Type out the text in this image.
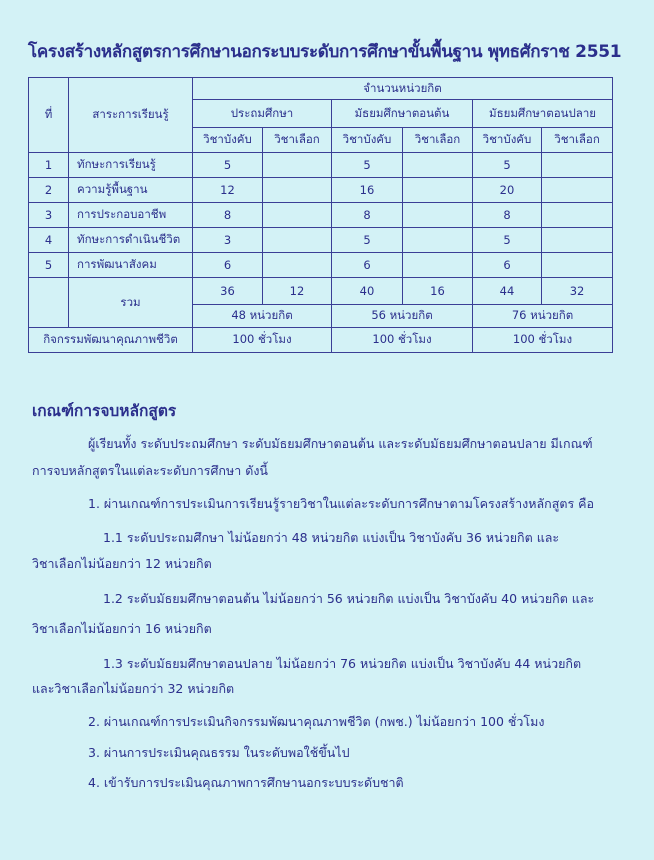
โครงสร้างหลักสูตรการศึกษานอกระบบระดับการศึกษาขั้นพื้นฐาน พุทธศักราช 2551
ที่	สาระการเรียนรู้	จำนวนหน่วยกิต					
		ประถมศึกษา		มัธยมศึกษาตอนต้น		มัธยมศึกษาตอนปลาย	
		วิชาบังคับ	วิชาเลือก	วิชาบังคับ	วิชาเลือก	วิชาบังคับ	วิชาเลือก
1	ทักษะการเรียนรู้	5		5		5	
2	ความรู้พื้นฐาน	12		16		20	
3	การประกอบอาชีพ	8		8		8	
4	ทักษะการดำเนินชีวิต	3		5		5	
5	การพัฒนาสังคม	6		6		6	
	รวม	36	12	40	16	44	32
		48 หน่วยกิต		56 หน่วยกิต		76 หน่วยกิต	
กิจกรรมพัฒนาคุณภาพชีวิต		100 ชั่วโมง		100 ชั่วโมง		100 ชั่วโมง	
เกณฑ์การจบหลักสูตร
ผู้เรียนทั้ง ระดับประถมศึกษา ระดับมัธยมศึกษาตอนต้น และระดับมัธยมศึกษาตอนปลาย มีเกณฑ์
การจบหลักสูตรในแต่ละระดับการศึกษา ดังนี้
1. ผ่านเกณฑ์การประเมินการเรียนรู้รายวิชาในแต่ละระดับการศึกษาตามโครงสร้างหลักสูตร คือ
1.1 ระดับประถมศึกษา ไม่น้อยกว่า 48 หน่วยกิต แบ่งเป็น วิชาบังคับ 36 หน่วยกิต และ
วิชาเลือกไม่น้อยกว่า 12 หน่วยกิต
1.2 ระดับมัธยมศึกษาตอนต้น ไม่น้อยกว่า 56 หน่วยกิต แบ่งเป็น วิชาบังคับ 40 หน่วยกิต และ
วิชาเลือกไม่น้อยกว่า 16 หน่วยกิต
1.3 ระดับมัธยมศึกษาตอนปลาย ไม่น้อยกว่า 76 หน่วยกิต แบ่งเป็น วิชาบังคับ 44 หน่วยกิต
และวิชาเลือกไม่น้อยกว่า 32 หน่วยกิต
2. ผ่านเกณฑ์การประเมินกิจกรรมพัฒนาคุณภาพชีวิต (กพช.) ไม่น้อยกว่า 100 ชั่วโมง
3. ผ่านการประเมินคุณธรรม ในระดับพอใช้ขึ้นไป
4. เข้ารับการประเมินคุณภาพการศึกษานอกระบบระดับชาติ
